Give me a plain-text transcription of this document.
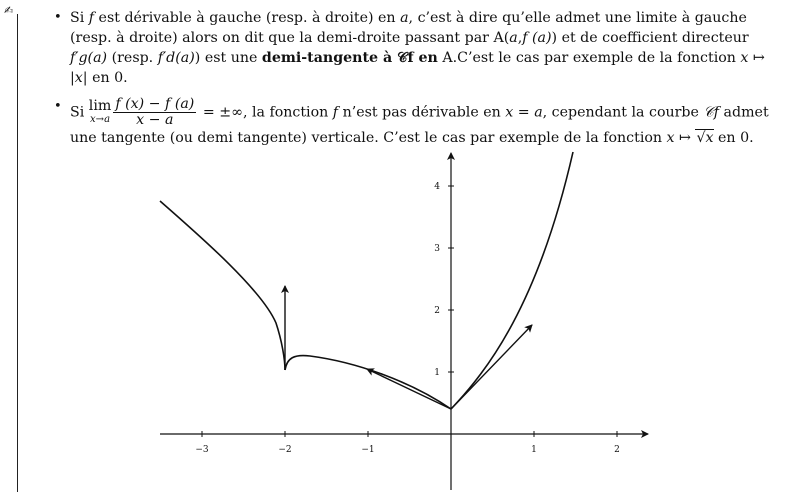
✍	• Si f est dérivable à gauche (resp. à droite) en a, c’est à dire qu’elle admet une limite à gauche (resp. à droite) alors on dit que la demi-droite passant par A(a,f (a)) et de coefficient directeur f′g(a) (resp. f′d(a)) est une demi-tangente à 𝒞f en A.C’est le cas par exemple de la fonction x ↦ |x| en 0.

• Si lim
$x\to a \frac{f (x) - f (a)}{x - a}$ = ±∞, la fonction f n’est pas dérivable en x = a, cependant la courbe 𝒞f admet une tangente (ou demi tangente) verticale. C’est le cas par exemple de la fonction x ↦ √x en 0.

−3	−2	−1	1	2
1
2
3
4
